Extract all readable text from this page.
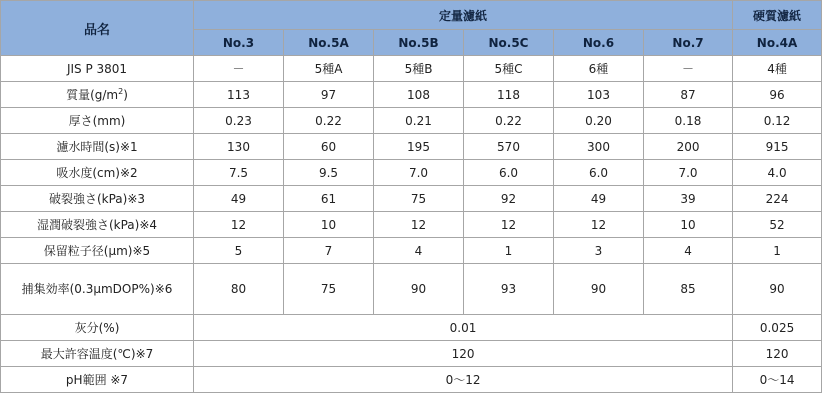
品名	定量濾紙						硬質濾紙
	No.3	No.5A	No.5B	No.5C	No.6	No.7	No.4A
JIS P 3801	－	5種A	5種B	5種C	6種	－	4種
質量$(g/m^2)$	113	97	108	118	103	87	96
厚さ(mm)	0.23	0.22	0.21	0.22	0.20	0.18	0.12
濾水時間(s)※1	130	60	195	570	300	200	915
吸水度(cm)※2	7.5	9.5	7.0	6.0	6.0	7.0	4.0
破裂強さ(kPa)※3	49	61	75	92	49	39	224
湿潤破裂強さ(kPa)※4	12	10	12	12	12	10	52
保留粒子径(μm)※5	5	7	4	1	3	4	1
捕集効率(0.3μmDOP%)※6	80	75	90	93	90	85	90
灰分(%)	0.01						0.025
最大許容温度(℃)※7	120						120
pH範囲 ※7	0～12						0～14
